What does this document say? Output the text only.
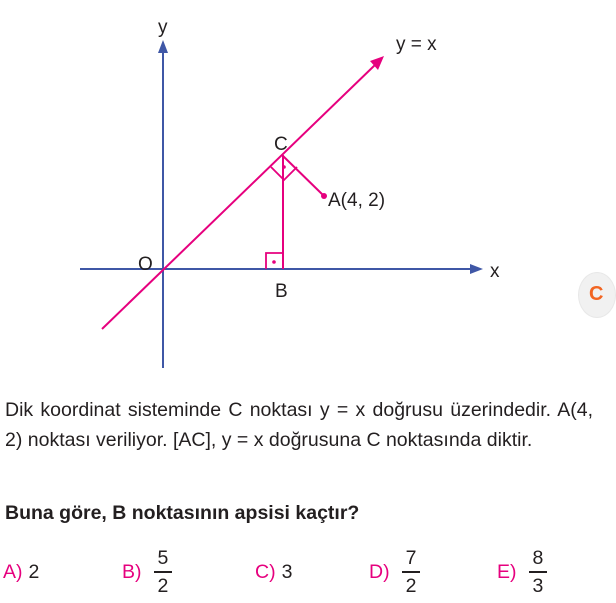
y
x
y = x
O
C
A(4, 2)
B	C
Dik koordinat sisteminde C noktası y = x doğrusu üzerindedir. A(4, 2) noktası veriliyor. [AC], y = x doğrusuna C noktasında diktir.
Buna göre, B noktasının apsisi kaçtır?
A) 2	$B) \frac{5}{2}$	C) 3	$D) \frac{7}{2}$	$E) \frac{8}{3}$
